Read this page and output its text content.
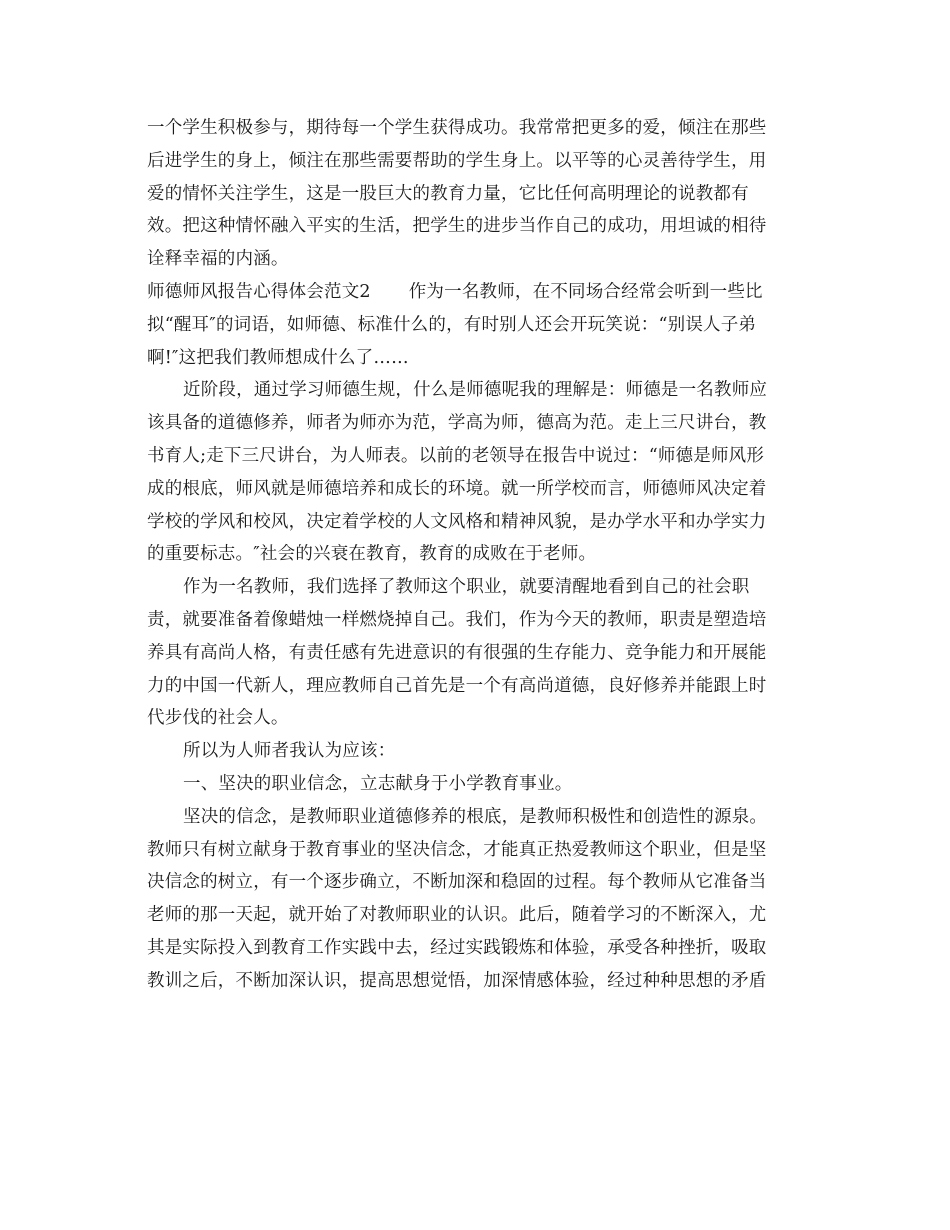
一个学生积极参与，期待每一个学生获得成功。我常常把更多的爱，倾注在那些
后进学生的身上，倾注在那些需要帮助的学生身上。以平等的心灵善待学生，用
爱的情怀关注学生，这是一股巨大的教育力量，它比任何高明理论的说教都有
效。把这种情怀融入平实的生活，把学生的进步当作自己的成功，用坦诚的相待
诠释幸福的内涵。
师德师风报告心得体会范文2 作为一名教师，在不同场合经常会听到一些比
拟“醒耳″的词语，如师德、标准什么的，有时别人还会开玩笑说：“别误人子弟
啊!″这把我们教师想成什么了……
近阶段，通过学习师德生规，什么是师德呢我的理解是：师德是一名教师应
该具备的道德修养，师者为师亦为范，学高为师，德高为范。走上三尺讲台，教
书育人;走下三尺讲台，为人师表。以前的老领导在报告中说过：“师德是师风形
成的根底，师风就是师德培养和成长的环境。就一所学校而言，师德师风决定着
学校的学风和校风，决定着学校的人文风格和精神风貌，是办学水平和办学实力
的重要标志。″社会的兴衰在教育，教育的成败在于老师。
作为一名教师，我们选择了教师这个职业，就要清醒地看到自己的社会职
责，就要准备着像蜡烛一样燃烧掉自己。我们，作为今天的教师，职责是塑造培
养具有高尚人格，有责任感有先进意识的有很强的生存能力、竞争能力和开展能
力的中国一代新人，理应教师自己首先是一个有高尚道德，良好修养并能跟上时
代步伐的社会人。
所以为人师者我认为应该：
一、坚决的职业信念，立志献身于小学教育事业。
坚决的信念，是教师职业道德修养的根底，是教师积极性和创造性的源泉。
教师只有树立献身于教育事业的坚决信念，才能真正热爱教师这个职业，但是坚
决信念的树立，有一个逐步确立，不断加深和稳固的过程。每个教师从它准备当
老师的那一天起，就开始了对教师职业的认识。此后，随着学习的不断深入，尤
其是实际投入到教育工作实践中去，经过实践锻炼和体验，承受各种挫折，吸取
教训之后，不断加深认识，提高思想觉悟，加深情感体验，经过种种思想的矛盾
